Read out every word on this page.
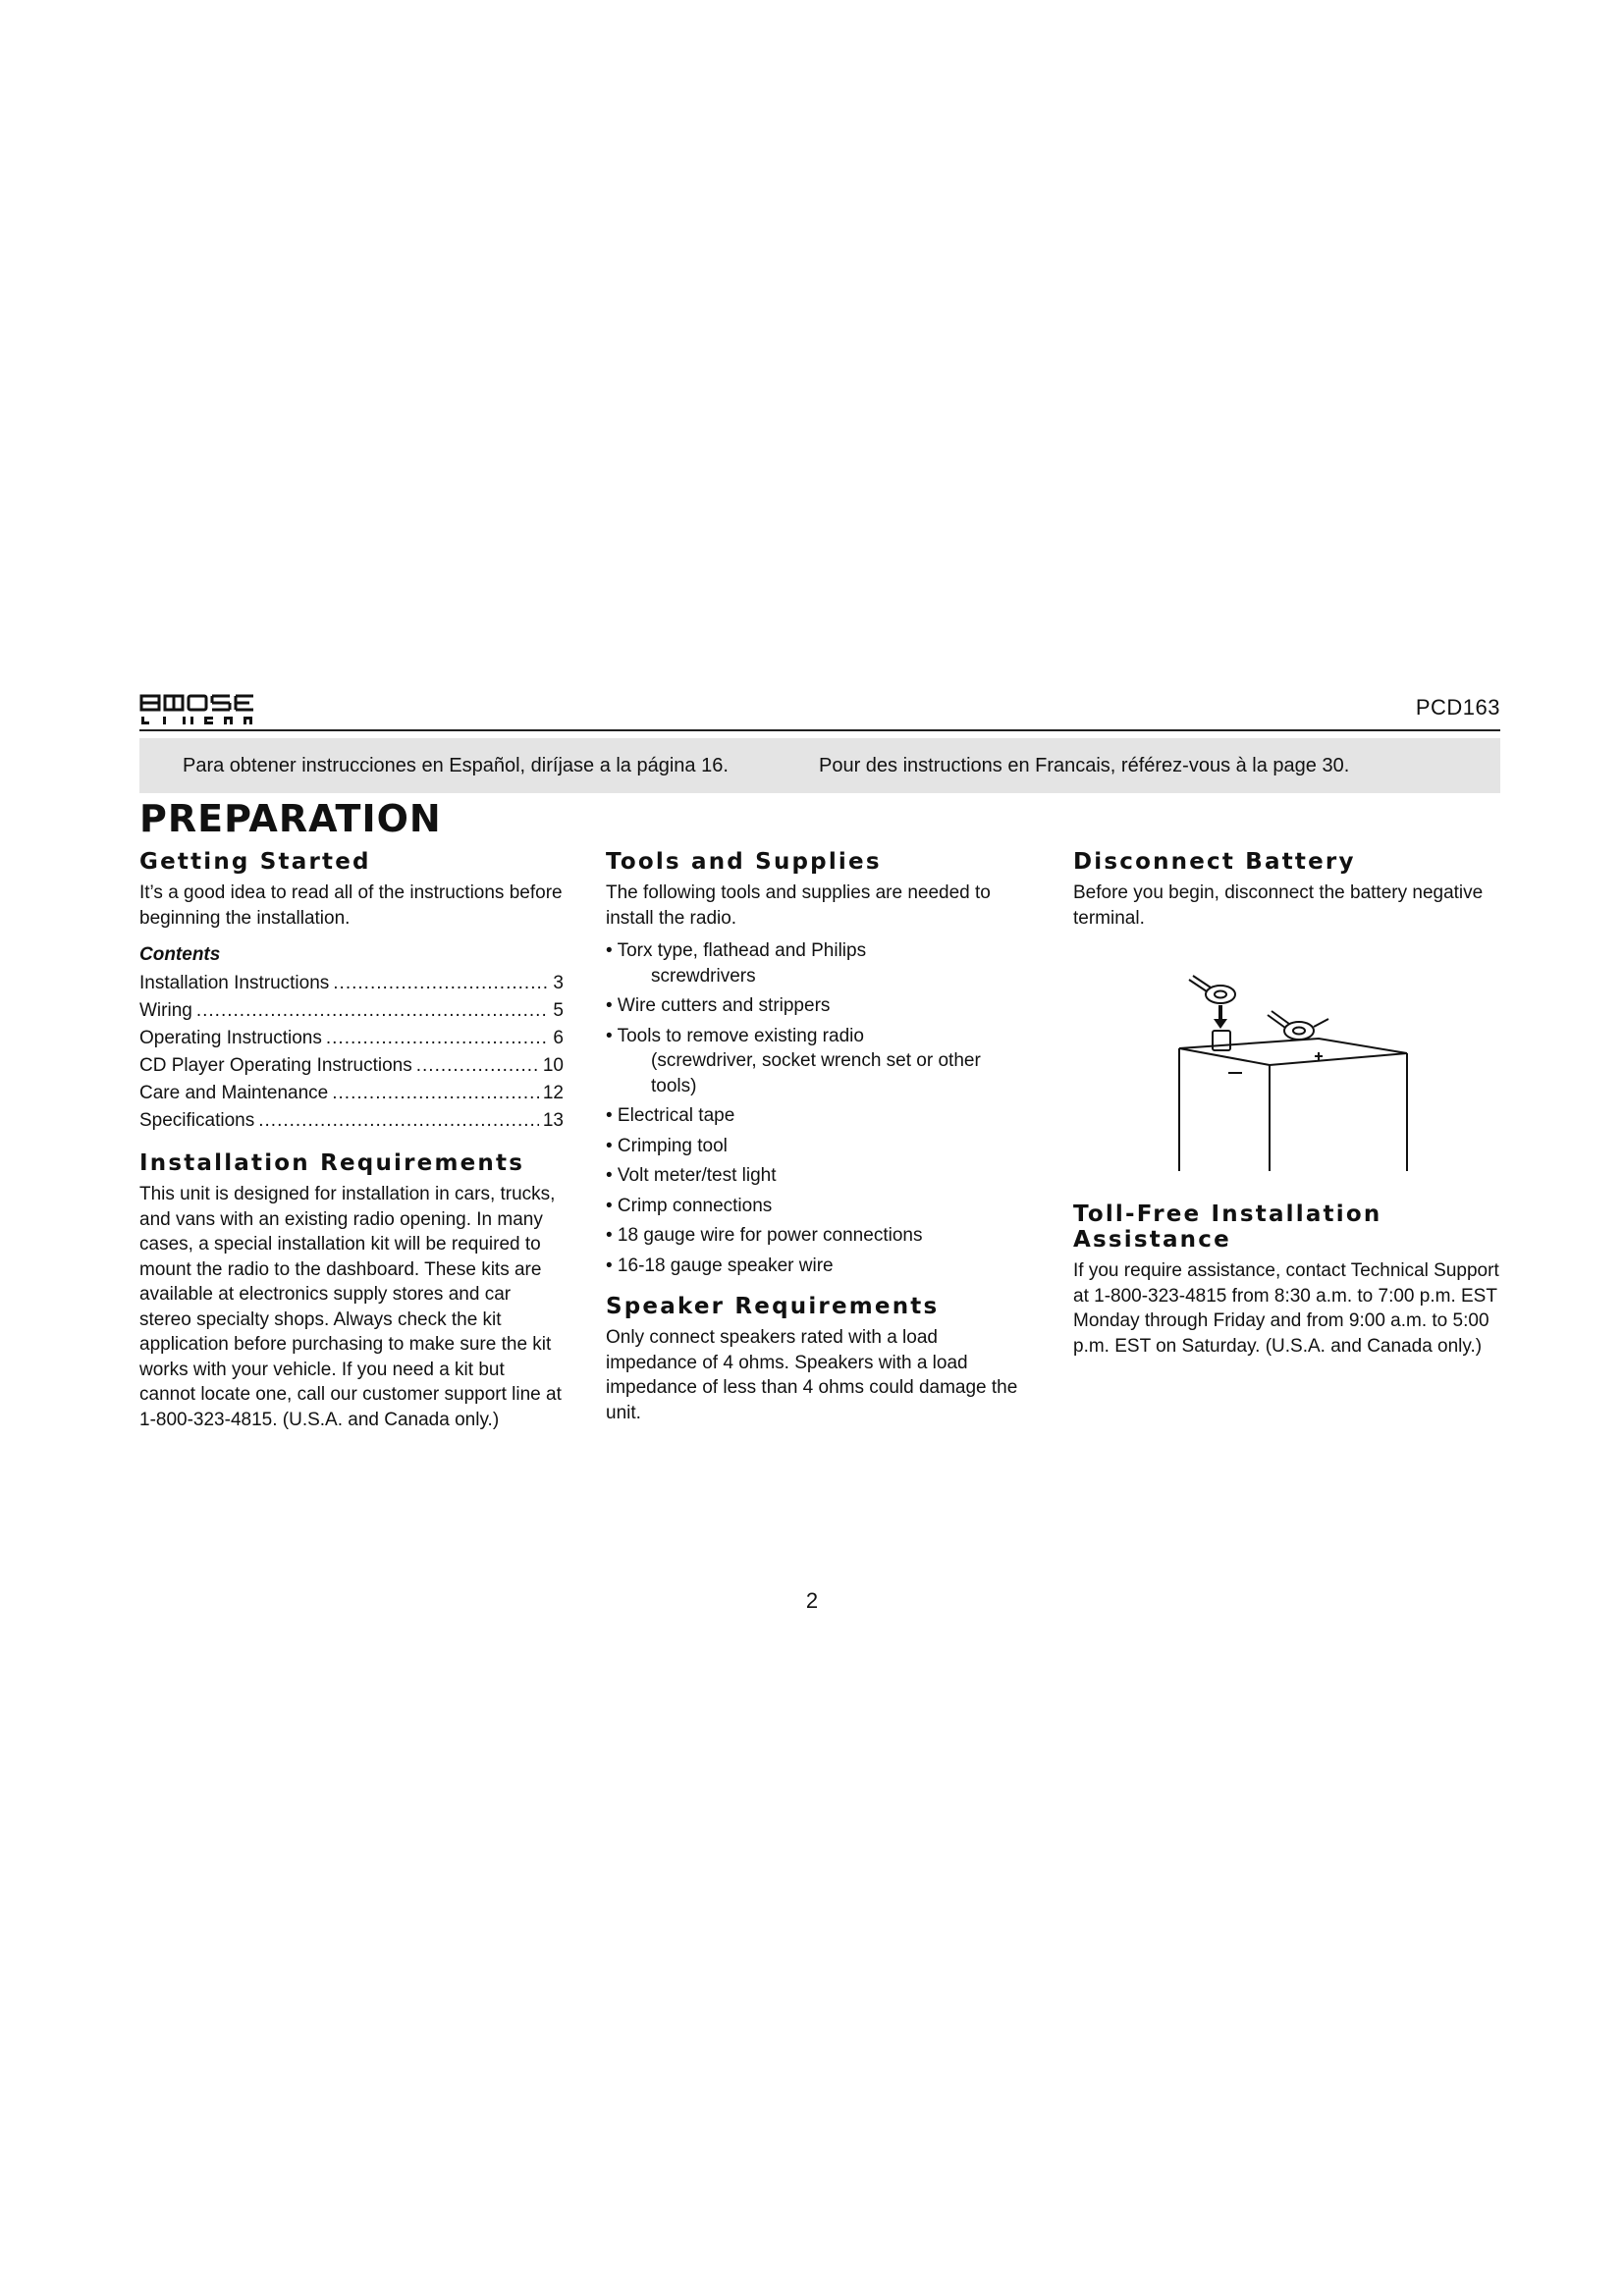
PCD163
Para obtener instrucciones en Español, diríjase a la página 16.	Pour des instructions en Francais, référez-vous à la page 30.
PREPARATION
Getting Started

It’s a good idea to read all of the instructions before beginning the installation.

Contents
Installation Instructions .....	3
Wiring .....	5
Operating Instructions .....	6
CD Player Operating Instructions .....	10
Care and Maintenance .....	12
Specifications .....	13
Installation Requirements

This unit is designed for installation in cars, trucks, and vans with an existing radio opening. In many cases, a special installation kit will be required to mount the radio to the dashboard. These kits are available at electronics supply stores and car stereo specialty shops. Always check the kit application before purchasing to make sure the kit works with your vehicle. If you need a kit but cannot locate one, call our customer support line at 1-800-323-4815. (U.S.A. and Canada only.)

Tools and Supplies

The following tools and supplies are needed to install the radio.

• Torx type, flathead and Philips
screwdrivers
• Wire cutters and strippers
• Tools to remove existing radio
(screwdriver, socket wrench set or other tools)
• Electrical tape
• Crimping tool
• Volt meter/test light
• Crimp connections
• 18 gauge wire for power connections
• 16-18 gauge speaker wire
Speaker Requirements

Only connect speakers rated with a load impedance of 4 ohms. Speakers with a load impedance of less than 4 ohms could damage the unit.

Disconnect Battery

Before you begin, disconnect the battery negative terminal.

Toll-Free Installation Assistance

If you require assistance, contact Technical Support at 1-800-323-4815 from 8:30 a.m. to 7:00 p.m. EST Monday through Friday and from 9:00 a.m. to 5:00 p.m. EST on Saturday. (U.S.A. and Canada only.)

2
